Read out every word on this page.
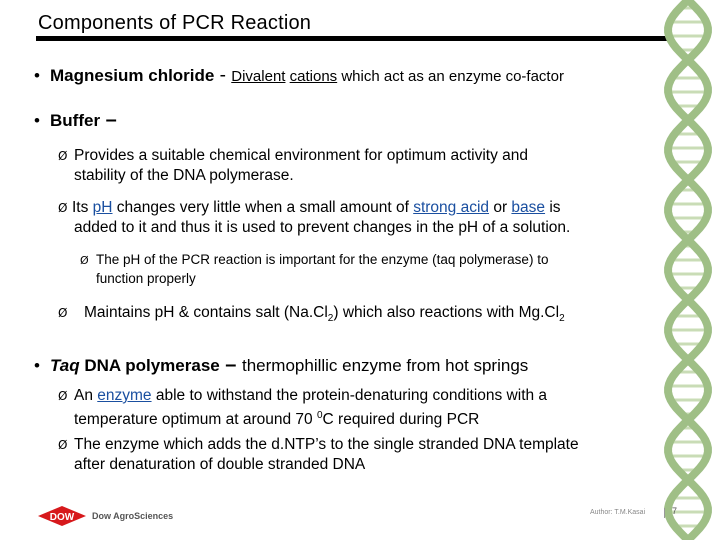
Components of PCR Reaction
• Magnesium chloride - Divalent cations which act as an enzyme co-factor
• Buffer –
Ø Provides a suitable chemical environment for optimum activity and
stability of the DNA polymerase.
Ø Its pH changes very little when a small amount of strong acid or base is
added to it and thus it is used to prevent changes in the pH of a solution.
Ø The pH of the PCR reaction is important for the enzyme (taq polymerase) to
function properly
Ø Maintains pH & contains salt $(Na.Cl_2)$ which also reactions with $Mg.Cl_2$
• Taq DNA polymerase – thermophillic enzyme from hot springs
Ø An enzyme able to withstand the protein-denaturing conditions with a
temperature optimum at around 70 $^0$C required during PCR
Ø The enzyme which adds the d.NTP’s to the single stranded DNA template
after denaturation of double stranded DNA
DOW Dow AgroSciences	Author: T.M.Kasai	7
